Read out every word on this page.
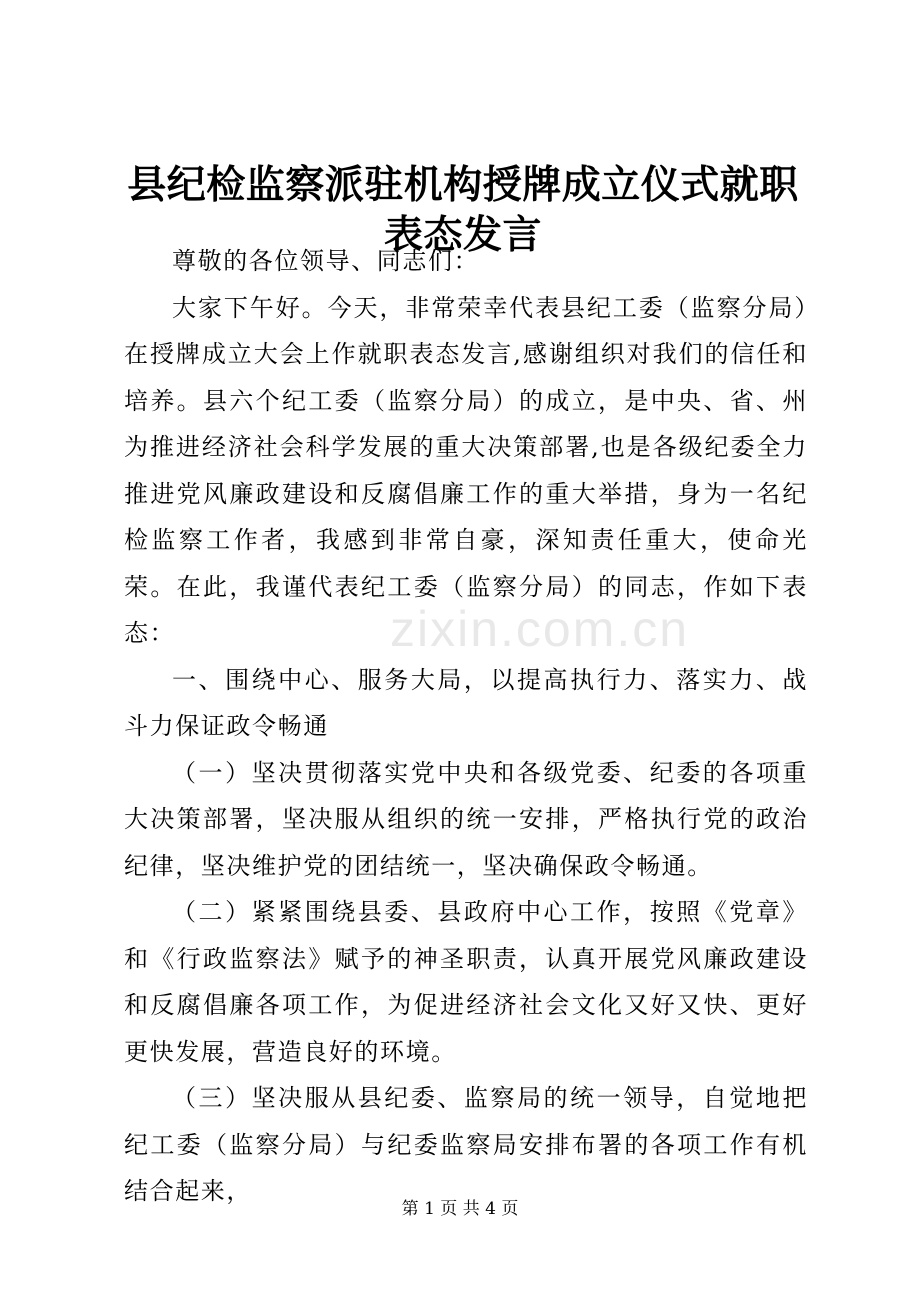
县纪检监察派驻机构授牌成立仪式就职表态发言

尊敬的各位领导、同志们：

大家下午好。今天，非常荣幸代表县纪工委（监察分局）在授牌成立大会上作就职表态发言,感谢组织对我们的信任和培养。县六个纪工委（监察分局）的成立，是中央、省、州为推进经济社会科学发展的重大决策部署,也是各级纪委全力推进党风廉政建设和反腐倡廉工作的重大举措，身为一名纪检监察工作者，我感到非常自豪，深知责任重大，使命光荣。在此，我谨代表纪工委（监察分局）的同志，作如下表态：

一、围绕中心、服务大局，以提高执行力、落实力、战斗力保证政令畅通

（一）坚决贯彻落实党中央和各级党委、纪委的各项重大决策部署，坚决服从组织的统一安排，严格执行党的政治纪律，坚决维护党的团结统一，坚决确保政令畅通。

（二）紧紧围绕县委、县政府中心工作，按照《党章》和《行政监察法》赋予的神圣职责，认真开展党风廉政建设和反腐倡廉各项工作，为促进经济社会文化又好又快、更好更快发展，营造良好的环境。

（三）坚决服从县纪委、监察局的统一领导，自觉地把纪工委（监察分局）与纪委监察局安排布署的各项工作有机结合起来，

zixin.com.cn
第 1 页 共 4 页
